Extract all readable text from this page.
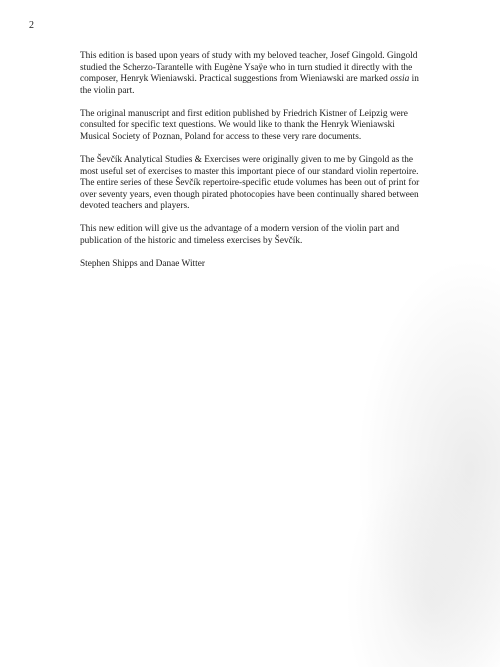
2

This edition is based upon years of study with my beloved teacher, Josef Gingold. Gingold studied the Scherzo-Tarantelle with Eugène Ysaÿe who in turn studied it directly with the composer, Henryk Wieniawski. Practical suggestions from Wieniawski are marked ossia in the violin part.

The original manuscript and first edition published by Friedrich Kistner of Leipzig were consulted for specific text questions. We would like to thank the Henryk Wieniawski Musical Society of Poznan, Poland for access to these very rare documents.

The Ševčík Analytical Studies & Exercises were originally given to me by Gingold as the most useful set of exercises to master this important piece of our standard violin repertoire. The entire series of these Ševčík repertoire-specific etude volumes has been out of print for over seventy years, even though pirated photocopies have been continually shared between devoted teachers and players.

This new edition will give us the advantage of a modern version of the violin part and publication of the historic and timeless exercises by Ševčík.

Stephen Shipps and Danae Witter
